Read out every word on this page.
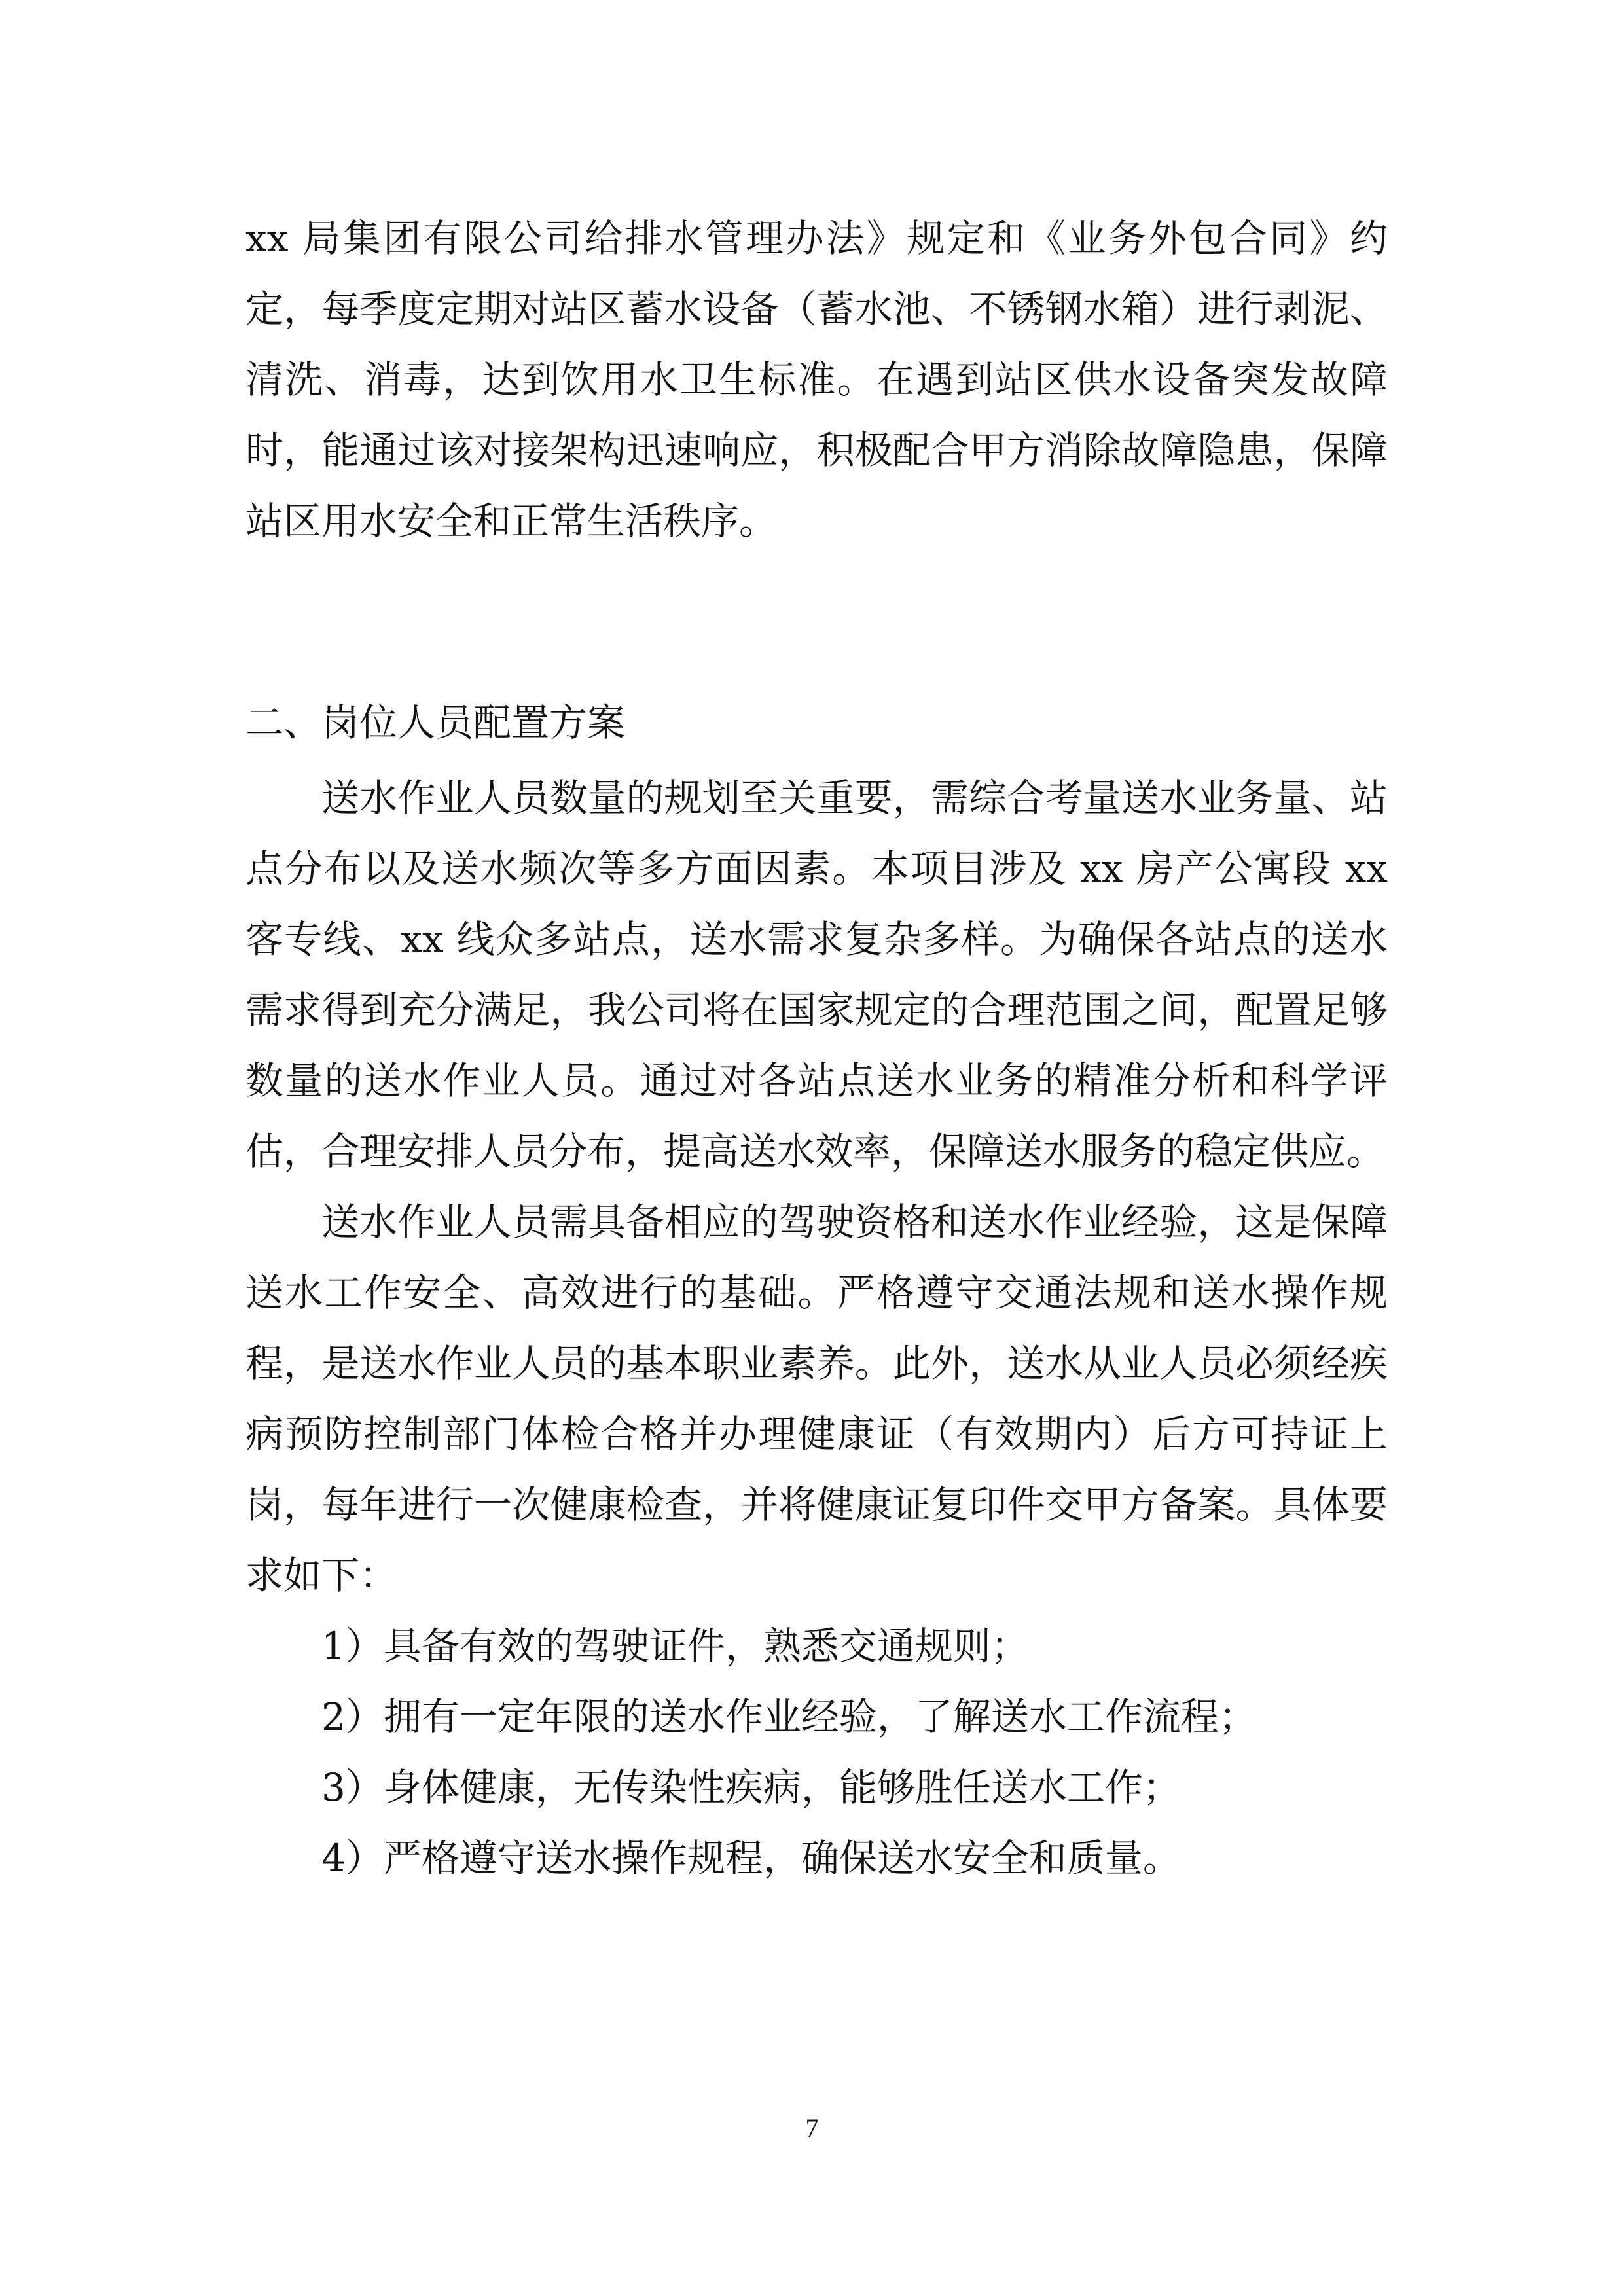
xx 局集团有限公司给排水管理办法》规定和《业务外包合同》约定，每季度定期对站区蓄水设备（蓄水池、不锈钢水箱）进行剥泥、清洗、消毒，达到饮用水卫生标准。在遇到站区供水设备突发故障时，能通过该对接架构迅速响应，积极配合甲方消除故障隐患，保障站区用水安全和正常生活秩序。

二、岗位人员配置方案

送水作业人员数量的规划至关重要，需综合考量送水业务量、站点分布以及送水频次等多方面因素。本项目涉及 xx 房产公寓段 xx 客专线、xx 线众多站点，送水需求复杂多样。为确保各站点的送水需求得到充分满足，我公司将在国家规定的合理范围之间，配置足够数量的送水作业人员。通过对各站点送水业务的精准分析和科学评估，合理安排人员分布，提高送水效率，保障送水服务的稳定供应。

送水作业人员需具备相应的驾驶资格和送水作业经验，这是保障送水工作安全、高效进行的基础。严格遵守交通法规和送水操作规程，是送水作业人员的基本职业素养。此外，送水从业人员必须经疾病预防控制部门体检合格并办理健康证（有效期内）后方可持证上岗，每年进行一次健康检查，并将健康证复印件交甲方备案。具体要求如下：

1）具备有效的驾驶证件，熟悉交通规则；

2）拥有一定年限的送水作业经验，了解送水工作流程；

3）身体健康，无传染性疾病，能够胜任送水工作；

4）严格遵守送水操作规程，确保送水安全和质量。

7
